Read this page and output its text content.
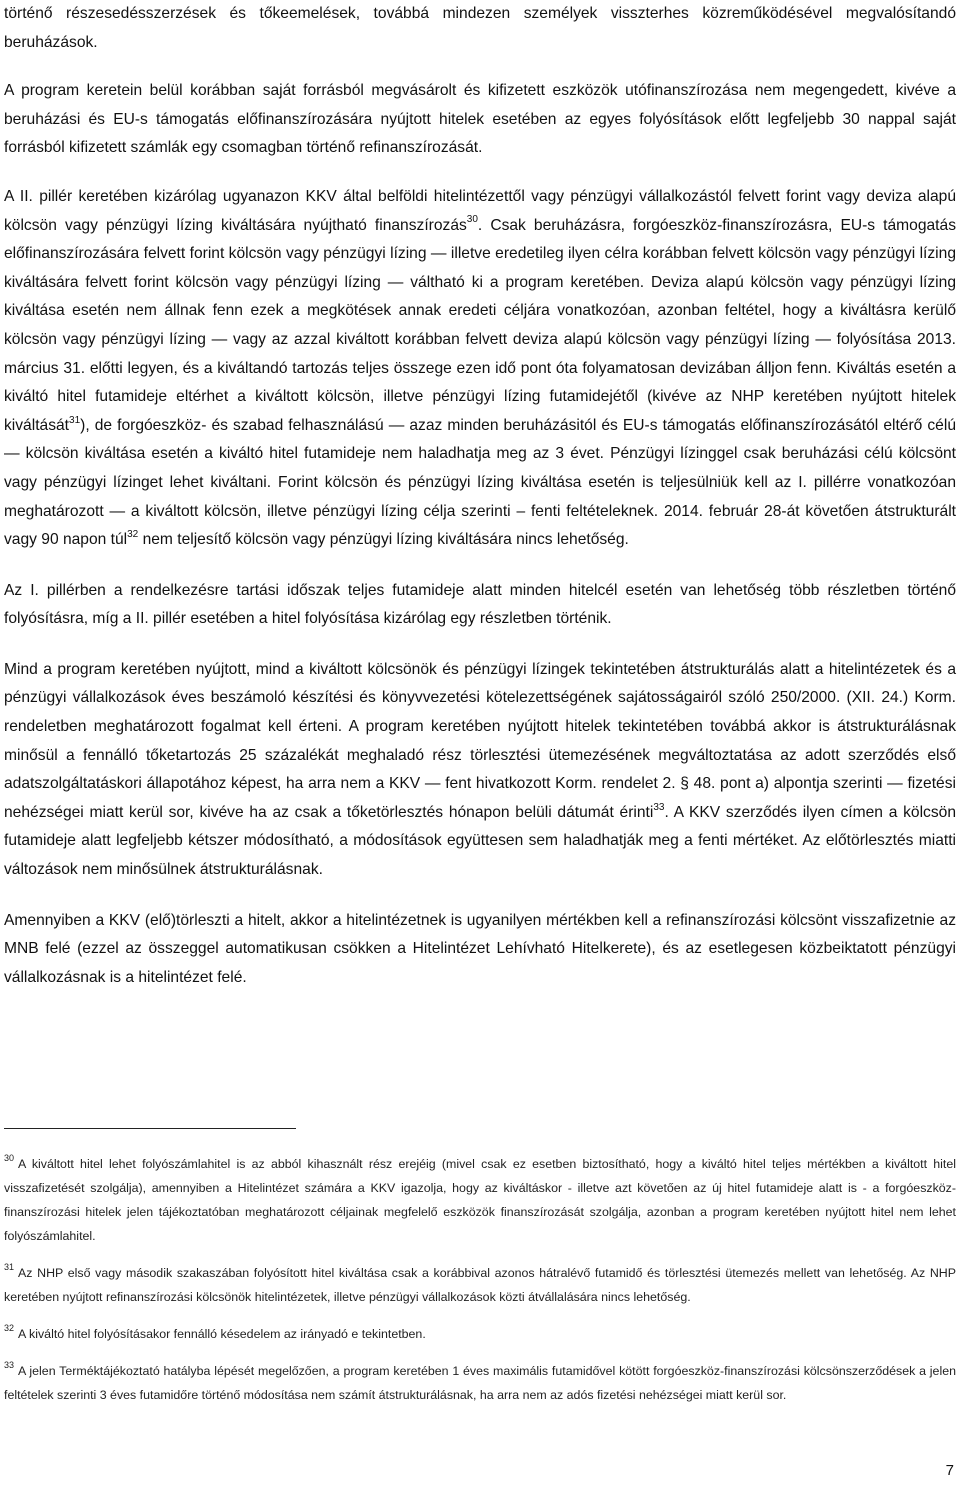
történő részesedésszerzések és tőkeemelések, továbbá mindezen személyek visszterhes közreműködésével megvalósítandó beruházások.

A program keretein belül korábban saját forrásból megvásárolt és kifizetett eszközök utófinanszírozása nem megengedett, kivéve a beruházási és EU-s támogatás előfinanszírozására nyújtott hitelek esetében az egyes folyósítások előtt legfeljebb 30 nappal saját forrásból kifizetett számlák egy csomagban történő refinanszírozását.

A II. pillér keretében kizárólag ugyanazon KKV által belföldi hitelintézettől vagy pénzügyi vállalkozástól felvett forint vagy deviza alapú kölcsön vagy pénzügyi lízing kiváltására nyújtható finanszírozás$^{30}$. Csak beruházásra, forgóeszköz-finanszírozásra, EU-s támogatás előfinanszírozására felvett forint kölcsön vagy pénzügyi lízing — illetve eredetileg ilyen célra korábban felvett kölcsön vagy pénzügyi lízing kiváltására felvett forint kölcsön vagy pénzügyi lízing — váltható ki a program keretében. Deviza alapú kölcsön vagy pénzügyi lízing kiváltása esetén nem állnak fenn ezek a megkötések annak eredeti céljára vonatkozóan, azonban feltétel, hogy a kiváltásra kerülő kölcsön vagy pénzügyi lízing — vagy az azzal kiváltott korábban felvett deviza alapú kölcsön vagy pénzügyi lízing — folyósítása 2013. március 31. előtti legyen, és a kiváltandó tartozás teljes összege ezen idő pont óta folyamatosan devizában álljon fenn. Kiváltás esetén a kiváltó hitel futamideje eltérhet a kiváltott kölcsön, illetve pénzügyi lízing futamidejétől (kivéve az NHP keretében nyújtott hitelek kiváltását$^{31}$), de forgóeszköz- és szabad felhasználású — azaz minden beruházásitól és EU-s támogatás előfinanszírozásától eltérő célú — kölcsön kiváltása esetén a kiváltó hitel futamideje nem haladhatja meg az 3 évet. Pénzügyi lízinggel csak beruházási célú kölcsönt vagy pénzügyi lízinget lehet kiváltani. Forint kölcsön és pénzügyi lízing kiváltása esetén is teljesülniük kell az I. pillérre vonatkozóan meghatározott — a kiváltott kölcsön, illetve pénzügyi lízing célja szerinti – fenti feltételeknek. 2014. február 28-át követően átstrukturált vagy 90 napon túl$^{32}$ nem teljesítő kölcsön vagy pénzügyi lízing kiváltására nincs lehetőség.

Az I. pillérben a rendelkezésre tartási időszak teljes futamideje alatt minden hitelcél esetén van lehetőség több részletben történő folyósításra, míg a II. pillér esetében a hitel folyósítása kizárólag egy részletben történik.

Mind a program keretében nyújtott, mind a kiváltott kölcsönök és pénzügyi lízingek tekintetében átstrukturálás alatt a hitelintézetek és a pénzügyi vállalkozások éves beszámoló készítési és könyvvezetési kötelezettségének sajátosságairól szóló 250/2000. (XII. 24.) Korm. rendeletben meghatározott fogalmat kell érteni. A program keretében nyújtott hitelek tekintetében továbbá akkor is átstrukturálásnak minősül a fennálló tőketartozás 25 százalékát meghaladó rész törlesztési ütemezésének megváltoztatása az adott szerződés első adatszolgáltatáskori állapotához képest, ha arra nem a KKV — fent hivatkozott Korm. rendelet 2. § 48. pont a) alpontja szerinti — fizetési nehézségei miatt kerül sor, kivéve ha az csak a tőketörlesztés hónapon belüli dátumát érinti$^{33}$. A KKV szerződés ilyen címen a kölcsön futamideje alatt legfeljebb kétszer módosítható, a módosítások együttesen sem haladhatják meg a fenti mértéket. Az előtörlesztés miatti változások nem minősülnek átstrukturálásnak.

Amennyiben a KKV (elő)törleszti a hitelt, akkor a hitelintézetnek is ugyanilyen mértékben kell a refinanszírozási kölcsönt visszafizetnie az MNB felé (ezzel az összeggel automatikusan csökken a Hitelintézet Lehívható Hitelkerete), és az esetlegesen közbeiktatott pénzügyi vállalkozásnak is a hitelintézet felé.

$^{30}$ A kiváltott hitel lehet folyószámlahitel is az abból kihasznált rész erejéig (mivel csak ez esetben biztosítható, hogy a kiváltó hitel teljes mértékben a kiváltott hitel visszafizetését szolgálja), amennyiben a Hitelintézet számára a KKV igazolja, hogy az kiváltáskor - illetve azt követően az új hitel futamideje alatt is - a forgóeszköz-finanszírozási hitelek jelen tájékoztatóban meghatározott céljainak megfelelő eszközök finanszírozását szolgálja, azonban a program keretében nyújtott hitel nem lehet folyószámlahitel.

$^{31}$ Az NHP első vagy második szakaszában folyósított hitel kiváltása csak a korábbival azonos hátralévő futamidő és törlesztési ütemezés mellett van lehetőség. Az NHP keretében nyújtott refinanszírozási kölcsönök hitelintézetek, illetve pénzügyi vállalkozások közti átvállalására nincs lehetőség.

$^{32}$ A kiváltó hitel folyósításakor fennálló késedelem az irányadó e tekintetben.

$^{33}$ A jelen Terméktájékoztató hatályba lépését megelőzően, a program keretében 1 éves maximális futamidővel kötött forgóeszköz-finanszírozási kölcsönszerződések a jelen feltételek szerinti 3 éves futamidőre történő módosítása nem számít átstrukturálásnak, ha arra nem az adós fizetési nehézségei miatt kerül sor.

7
